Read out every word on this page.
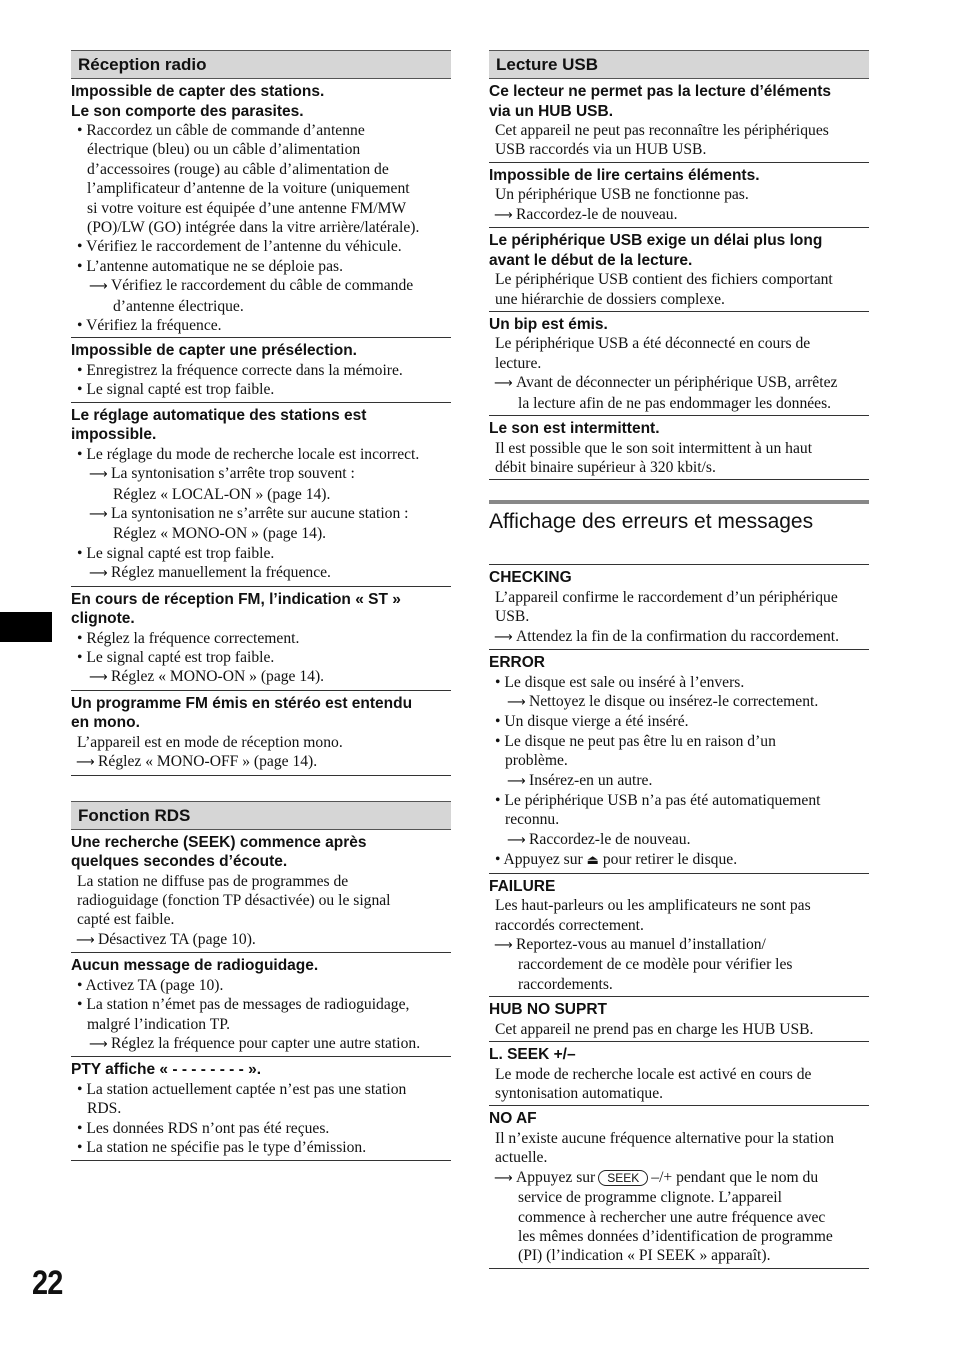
22
Réception radio
Impossible de capter des stations.
Le son comporte des parasites.
• Raccordez un câble de commande d’antenne
électrique (bleu) ou un câble d’alimentation
d’accessoires (rouge) au câble d’alimentation de
l’amplificateur d’antenne de la voiture (uniquement
si votre voiture est équipée d’une antenne FM/MW
(PO)/LW (GO) intégrée dans la vitre arrière/latérale).
• Vérifiez le raccordement de l’antenne du véhicule.
• L’antenne automatique ne se déploie pas.
⟶ Vérifiez le raccordement du câble de commande
d’antenne électrique.
• Vérifiez la fréquence.
Impossible de capter une présélection.
• Enregistrez la fréquence correcte dans la mémoire.
• Le signal capté est trop faible.
Le réglage automatique des stations est
impossible.
• Le réglage du mode de recherche locale est incorrect.
⟶ La syntonisation s’arrête trop souvent :
Réglez « LOCAL-ON » (page 14).
⟶ La syntonisation ne s’arrête sur aucune station :
Réglez « MONO-ON » (page 14).
• Le signal capté est trop faible.
⟶ Réglez manuellement la fréquence.
En cours de réception FM, l’indication « ST »
clignote.
• Réglez la fréquence correctement.
• Le signal capté est trop faible.
⟶ Réglez « MONO-ON » (page 14).
Un programme FM émis en stéréo est entendu
en mono.
L’appareil est en mode de réception mono.
⟶ Réglez « MONO-OFF » (page 14).
Fonction RDS
Une recherche (SEEK) commence après
quelques secondes d’écoute.
La station ne diffuse pas de programmes de
radioguidage (fonction TP désactivée) ou le signal
capté est faible.
⟶ Désactivez TA (page 10).
Aucun message de radioguidage.
• Activez TA (page 10).
• La station n’émet pas de messages de radioguidage,
malgré l’indication TP.
⟶ Réglez la fréquence pour capter une autre station.
PTY affiche « - - - - - - - - ».
• La station actuellement captée n’est pas une station
RDS.
• Les données RDS n’ont pas été reçues.
• La station ne spécifie pas le type d’émission.
Lecture USB
Ce lecteur ne permet pas la lecture d’éléments
via un HUB USB.
Cet appareil ne peut pas reconnaître les périphériques
USB raccordés via un HUB USB.
Impossible de lire certains éléments.
Un périphérique USB ne fonctionne pas.
⟶ Raccordez-le de nouveau.
Le périphérique USB exige un délai plus long
avant le début de la lecture.
Le périphérique USB contient des fichiers comportant
une hiérarchie de dossiers complexe.
Un bip est émis.
Le périphérique USB a été déconnecté en cours de
lecture.
⟶ Avant de déconnecter un périphérique USB, arrêtez
la lecture afin de ne pas endommager les données.
Le son est intermittent.
Il est possible que le son soit intermittent à un haut
débit binaire supérieur à 320 kbit/s.
Affichage des erreurs et messages
CHECKING
L’appareil confirme le raccordement d’un périphérique
USB.
⟶ Attendez la fin de la confirmation du raccordement.
ERROR
• Le disque est sale ou inséré à l’envers.
⟶ Nettoyez le disque ou insérez-le correctement.
• Un disque vierge a été inséré.
• Le disque ne peut pas être lu en raison d’un
problème.
⟶ Insérez-en un autre.
• Le périphérique USB n’a pas été automatiquement
reconnu.
⟶ Raccordez-le de nouveau.
• Appuyez sur ⏏ pour retirer le disque.
FAILURE
Les haut-parleurs ou les amplificateurs ne sont pas
raccordés correctement.
⟶ Reportez-vous au manuel d’installation/
raccordement de ce modèle pour vérifier les
raccordements.
HUB NO SUPRT
Cet appareil ne prend pas en charge les HUB USB.
L. SEEK +/–
Le mode de recherche locale est activé en cours de
syntonisation automatique.
NO AF
Il n’existe aucune fréquence alternative pour la station
actuelle.
⟶ Appuyez sur SEEK –/+ pendant que le nom du
service de programme clignote. L’appareil
commence à rechercher une autre fréquence avec
les mêmes données d’identification de programme
(PI) (l’indication « PI SEEK » apparaît).
